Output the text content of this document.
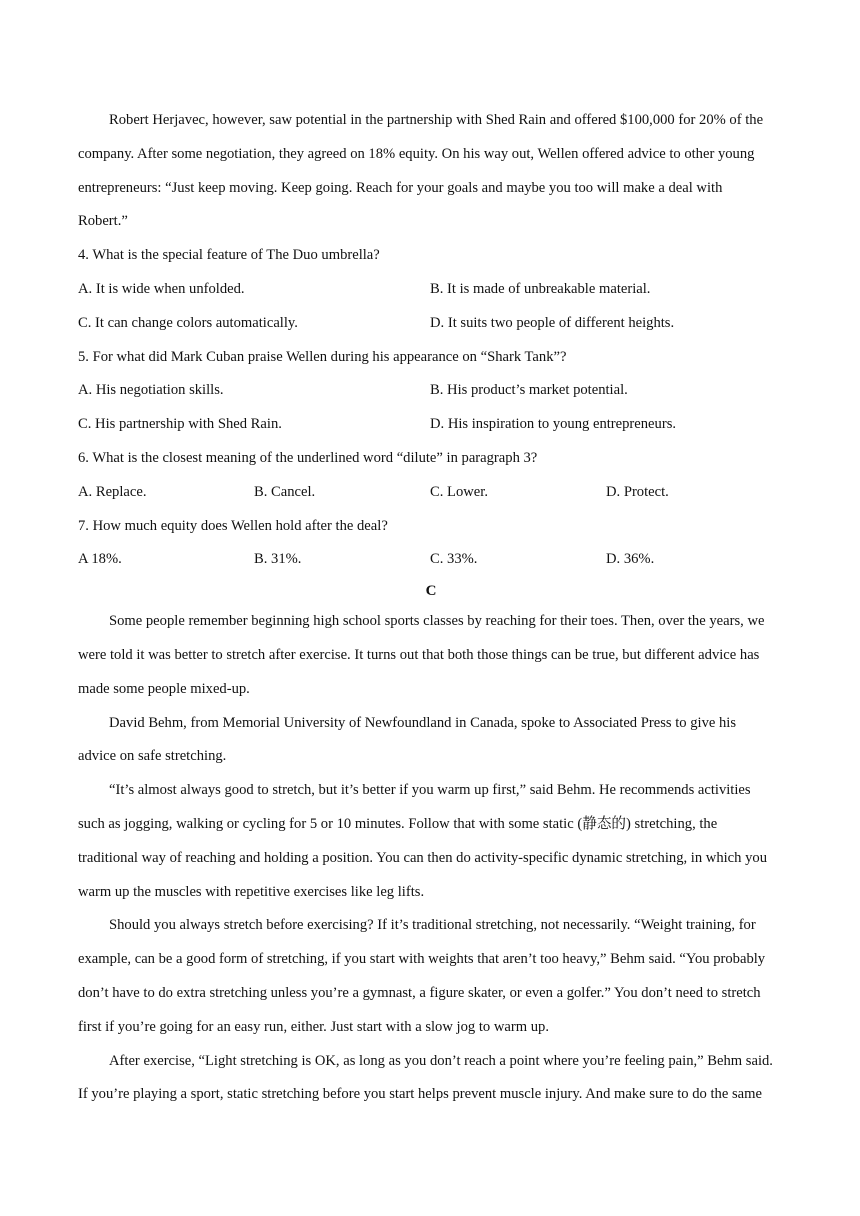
Robert Herjavec, however, saw potential in the partnership with Shed Rain and offered $100,000 for 20% of the
company. After some negotiation, they agreed on 18% equity. On his way out, Wellen offered advice to other young
entrepreneurs: “Just keep moving. Keep going. Reach for your goals and maybe you too will make a deal with
Robert.”
4. What is the special feature of The Duo umbrella?
A. It is wide when unfolded.	B. It is made of unbreakable material.
C. It can change colors automatically.	D. It suits two people of different heights.
5. For what did Mark Cuban praise Wellen during his appearance on “Shark Tank”?
A. His negotiation skills.	B. His product’s market potential.
C. His partnership with Shed Rain.	D. His inspiration to young entrepreneurs.
6. What is the closest meaning of the underlined word “dilute” in paragraph 3?
A. Replace.	B. Cancel.	C. Lower.	D. Protect.
7. How much equity does Wellen hold after the deal?
A 18%.	B. 31%.	C. 33%.	D. 36%.
C
Some people remember beginning high school sports classes by reaching for their toes. Then, over the years, we
were told it was better to stretch after exercise. It turns out that both those things can be true, but different advice has
made some people mixed-up.
David Behm, from Memorial University of Newfoundland in Canada, spoke to Associated Press to give his
advice on safe stretching.
“It’s almost always good to stretch, but it’s better if you warm up first,” said Behm. He recommends activities
such as jogging, walking or cycling for 5 or 10 minutes. Follow that with some static (静态的) stretching, the
traditional way of reaching and holding a position. You can then do activity-specific dynamic stretching, in which you
warm up the muscles with repetitive exercises like leg lifts.
Should you always stretch before exercising? If it’s traditional stretching, not necessarily. “Weight training, for
example, can be a good form of stretching, if you start with weights that aren’t too heavy,” Behm said. “You probably
don’t have to do extra stretching unless you’re a gymnast, a figure skater, or even a golfer.” You don’t need to stretch
first if you’re going for an easy run, either. Just start with a slow jog to warm up.
After exercise, “Light stretching is OK, as long as you don’t reach a point where you’re feeling pain,” Behm said.
If you’re playing a sport, static stretching before you start helps prevent muscle injury. And make sure to do the same
